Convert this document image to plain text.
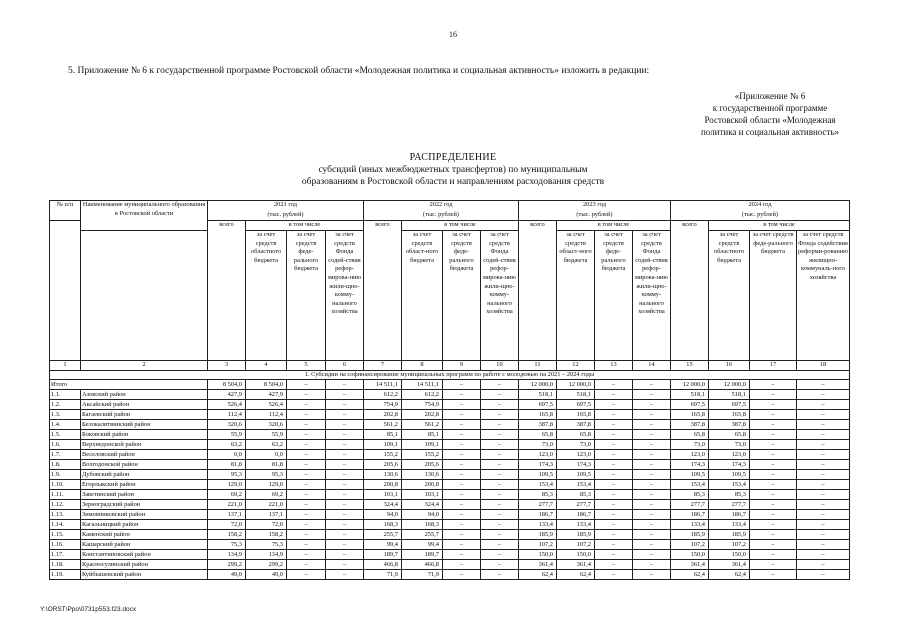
16
5. Приложение № 6 к государственной программе Ростовской области «Молодежная политика и социальная активность» изложить в редакции:
«Приложение № 6
к государственной программе
Ростовской области «Молодежная
политика и социальная активность»
РАСПРЕДЕЛЕНИЕ
субсидий (иных межбюджетных трансфертов) по муниципальным
образованиям в Ростовской области и направлениям расходования средств
№ п/п	Наименование муниципального образования в Ростовской области	2021 год				2022 год				2023 год				2024 год			
		(тыс. рублей)				(тыс. рублей)				(тыс. рублей)				(тыс. рублей)			
		всего	в том числе			всего	в том числе			всего	в том числе			всего	в том числе		
			за счет средств областного бюджета	за счет средств феде-рального бюджета	за счет средств Фонда содей-ствия рефор-мирова-нию жили-щно-комму-нального хозяйства		за счет средств област-ного бюджета	за счет средств феде-рального бюджета	за счет средств Фонда содей-ствия рефор-мирова-нию жили-щно-комму-нального хозяйства		за счет средств област-ного бюджета	за счет средств феде-рального бюджета	за счет средств Фонда содей-ствия рефор-мирова-нию жили-щно-комму-нального хозяйства		за счет средств областного бюджета	за счет средств феде-рального бюджета	за счет средств Фонда содействия реформи-рованию жилищно-коммуналь-ного хозяйства
1	2	3	4	5	6	7	8	9	10	11	12	13	14	15	16	17	18
1. Субсидии на софинансирование муниципальных программ по работе с молодежью на 2021 – 2024 годы																	
Итого		8 504,0	8 504,0	–	–	14 511,1	14 511,1	–	–	12 000,0	12 000,0	–	–	12 000,0	12 000,0	–	–
1.1.	Азовский район	427,9	427,9	–	–	612,2	612,2	–	–	518,1	518,1	–	–	518,1	518,1	–	–
1.2.	Аксайский район	526,4	526,4	–	–	754,9	754,9	–	–	697,5	697,5	–	–	697,5	697,5	–	–
1.3.	Багаевский район	112,4	112,4	–	–	202,8	202,8	–	–	165,8	165,8	–	–	165,8	165,8	–	–
1.4.	Белокалитвинский район	320,6	320,6	–	–	561,2	561,2	–	–	387,8	387,8	–	–	387,8	387,8	–	–
1.5.	Боковский район	55,9	55,9	–	–	85,1	85,1	–	–	65,8	65,8	–	–	65,8	65,8	–	–
1.6.	Верхнедонской район	63,2	63,2	–	–	109,1	109,1	–	–	73,0	73,0	–	–	73,0	73,0	–	–
1.7.	Веселовский район	0,0	0,0	–	–	155,2	155,2	–	–	123,0	123,0	–	–	123,0	123,0	–	–
1.8.	Волгодонской район	81,8	81,8	–	–	205,6	205,6	–	–	174,3	174,3	–	–	174,3	174,3	–	–
1.9.	Дубовский район	95,3	95,3	–	–	130,6	130,6	–	–	109,5	109,5	–	–	109,5	109,5	–	–
1.10.	Егорлыкский район	129,0	129,0	–	–	200,8	200,8	–	–	153,4	153,4	–	–	153,4	153,4	–	–
1.11.	Заветинский район	69,2	69,2	–	–	103,1	103,1	–	–	85,3	85,3	–	–	85,3	85,3	–	–
1.12.	Зерноградский район	221,0	221,0	–	–	324,4	324,4	–	–	277,7	277,7	–	–	277,7	277,7	–	–
1.13.	Зимовниковский район	137,1	137,1	–	–	94,0	94,0	–	–	186,7	186,7	–	–	186,7	186,7	–	–
1.14.	Кагальницкий район	72,0	72,0	–	–	168,3	168,3	–	–	133,4	133,4	–	–	133,4	133,4	–	–
1.15.	Каменский район	158,2	158,2	–	–	255,7	255,7	–	–	185,9	185,9	–	–	185,9	185,9	–	–
1.16.	Кашарский район	75,3	75,3	–	–	99,4	99,4	–	–	107,2	107,2	–	–	107,2	107,2	–	–
1.17.	Константиновский район	134,9	134,9	–	–	189,7	189,7	–	–	150,0	150,0	–	–	150,0	150,0	–	–
1.18.	Красносулинский район	299,2	299,2	–	–	466,8	466,8	–	–	361,4	361,4	–	–	361,4	361,4	–	–
1.19.	Куйбышевский район	49,0	49,0	–	–	71,9	71,9	–	–	62,4	62,4	–	–	62,4	62,4	–	–
Y:\ORST\Ppo\0731p553.f23.docx
